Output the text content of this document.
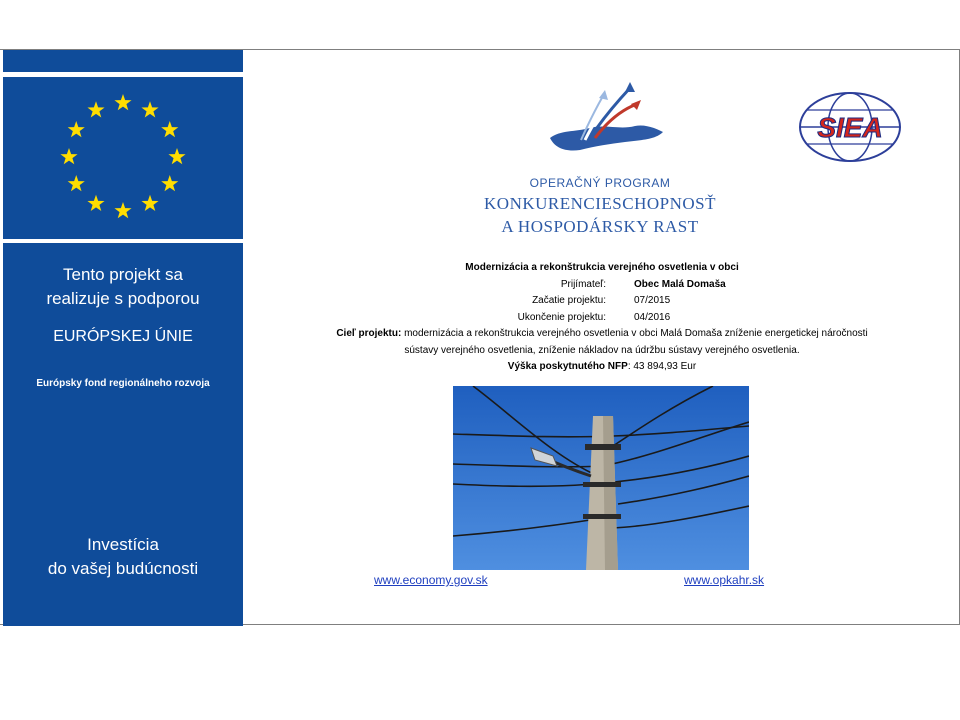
Tento projekt sa
realizuje s podporou
EURÓPSKEJ ÚNIE
Európsky fond regionálneho rozvoja
Investícia
do vašej budúcnosti
SIEA
OPERAČNÝ PROGRAM
KONKURENCIESCHOPNOSŤ
A HOSPODÁRSKY RAST
Modernizácia a rekonštrukcia verejného osvetlenia v obci
Prijímateľ:	Obec Malá Domaša
Začatie projektu:	07/2015
Ukončenie projektu:	04/2016
Cieľ projektu: modernizácia a rekonštrukcia verejného osvetlenia v obci Malá Domaša zníženie energetickej náročnosti
sústavy verejného osvetlenia, zníženie nákladov na údržbu sústavy verejného osvetlenia.
Výška poskytnutého NFP: 43 894,93 Eur
www.economy.gov.sk	www.opkahr.sk
